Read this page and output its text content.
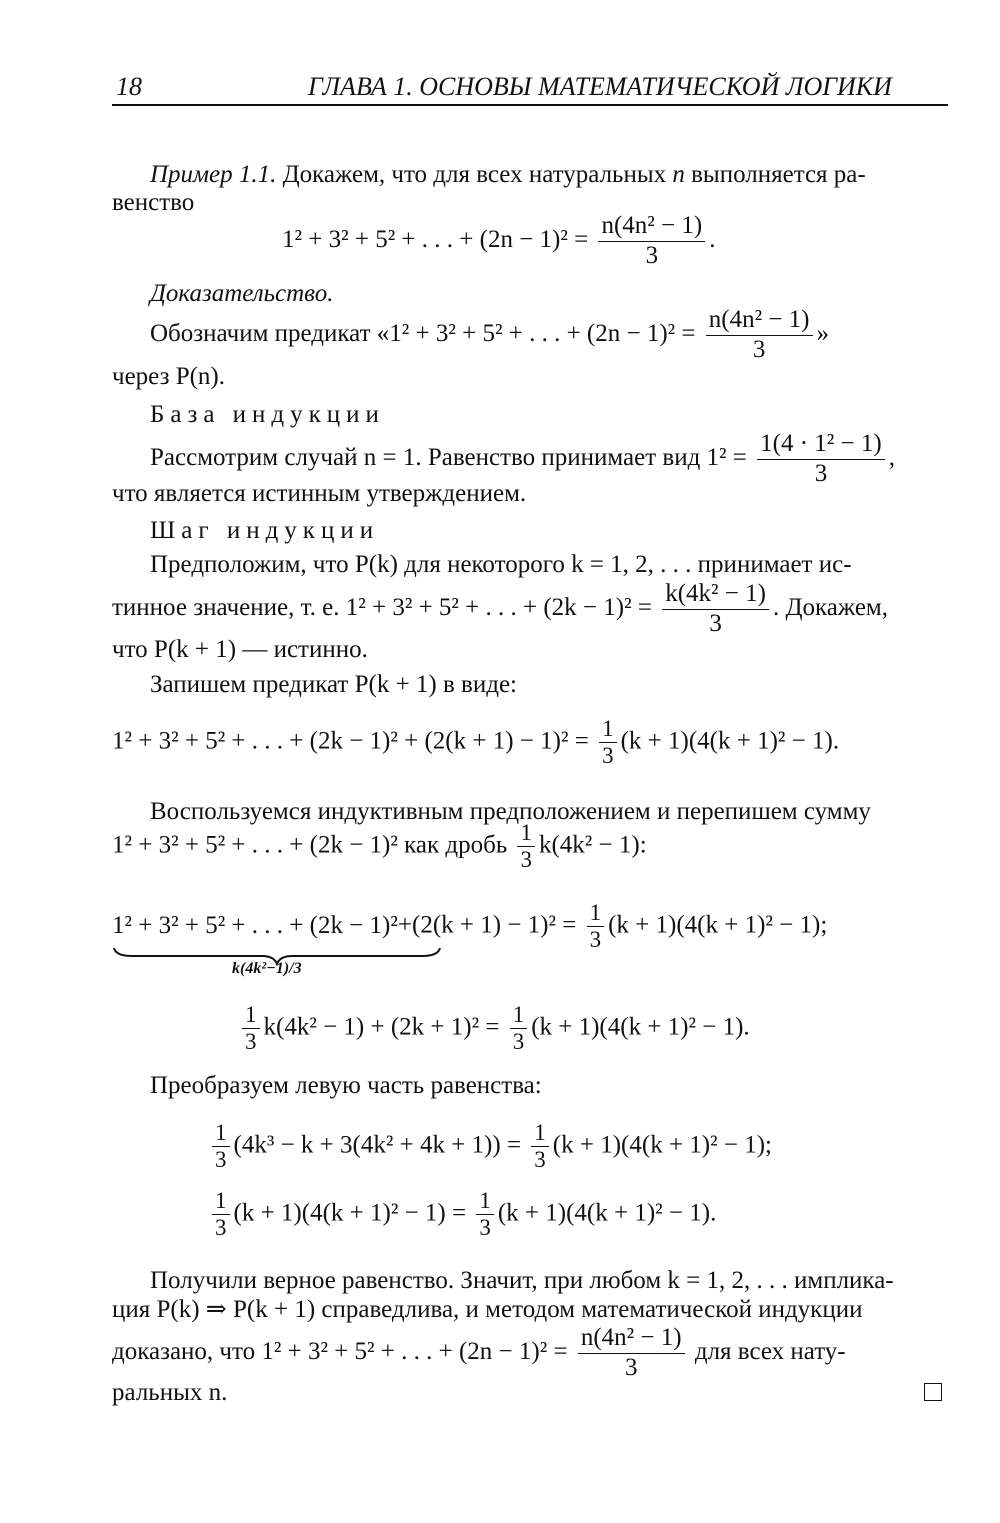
18	ГЛАВА 1. ОСНОВЫ МАТЕМАТИЧЕСКОЙ ЛОГИКИ
Пример 1.1. Докажем, что для всех натуральных n выполняется ра-
венство
1² + 3² + 5² + . . . + $(2n - 1)^2 = \frac{\text{n(4n² − 1)}}{3}$ .
Доказательство.
Обозначим предикат «1² + 3² + 5² + . . . + $(2n - 1)^2 = \frac{\text{n(4n² − 1)}}{3}$ »
через P(n).
База индукции
Рассмотрим случай n = 1. Равенство принимает вид $1^2 = \frac{\text{1(4 · 1² − 1)}}{3}$ ,
что является истинным утверждением.
Шаг индукции
Предположим, что P(k) для некоторого k = 1, 2, . . . принимает ис-
тинное значение, т. е. 1² + 3² + 5² + . . . + $(2k - 1)^2 = \frac{\text{k(4k² − 1)}}{3}$ . Докажем,
что P(k + 1) — истинно.
Запишем предикат P(k + 1) в виде:
1² + 3² + 5² + . . . + $(2k - 1)^2 + (2(k + 1) - 1)^2 = \frac{1}{3} (k + 1)(4(k + 1)^2 - 1)$.
Воспользуемся индуктивным предположением и перепишем сумму
1² + 3² + 5² + . . . + (2k − 1)² как дробь $\frac{1}{3} k(4k^2 - 1)$:
1² + 3² + 5² + . . . + (2k − 1)²
$+(2(k + 1) - 1)^2 = \frac{1}{3} (k + 1)(4(k + 1)^2 - 1)$;
k(4k²−1)/3
$\frac{1}{3} k(4k^2 - 1) + (2k + 1)^2 = \frac{1}{3} (k + 1)(4(k + 1)^2 - 1)$.
Преобразуем левую часть равенства:
$\frac{1}{3} (4k^3 - k + 3(4k^2 + 4k + 1)) = \frac{1}{3} (k + 1)(4(k + 1)^2 - 1)$;
$\frac{1}{3} (k + 1)(4(k + 1)^2 - 1) = \frac{1}{3} (k + 1)(4(k + 1)^2 - 1)$.
Получили верное равенство. Значит, при любом k = 1, 2, . . . имплика-
ция P(k) ⇒ P(k + 1) справедлива, и методом математической индукции
доказано, что 1² + 3² + 5² + . . . + $(2n - 1)^2 = \frac{\text{n(4n² − 1)}}{3}$ для всех нату-
ральных n.
